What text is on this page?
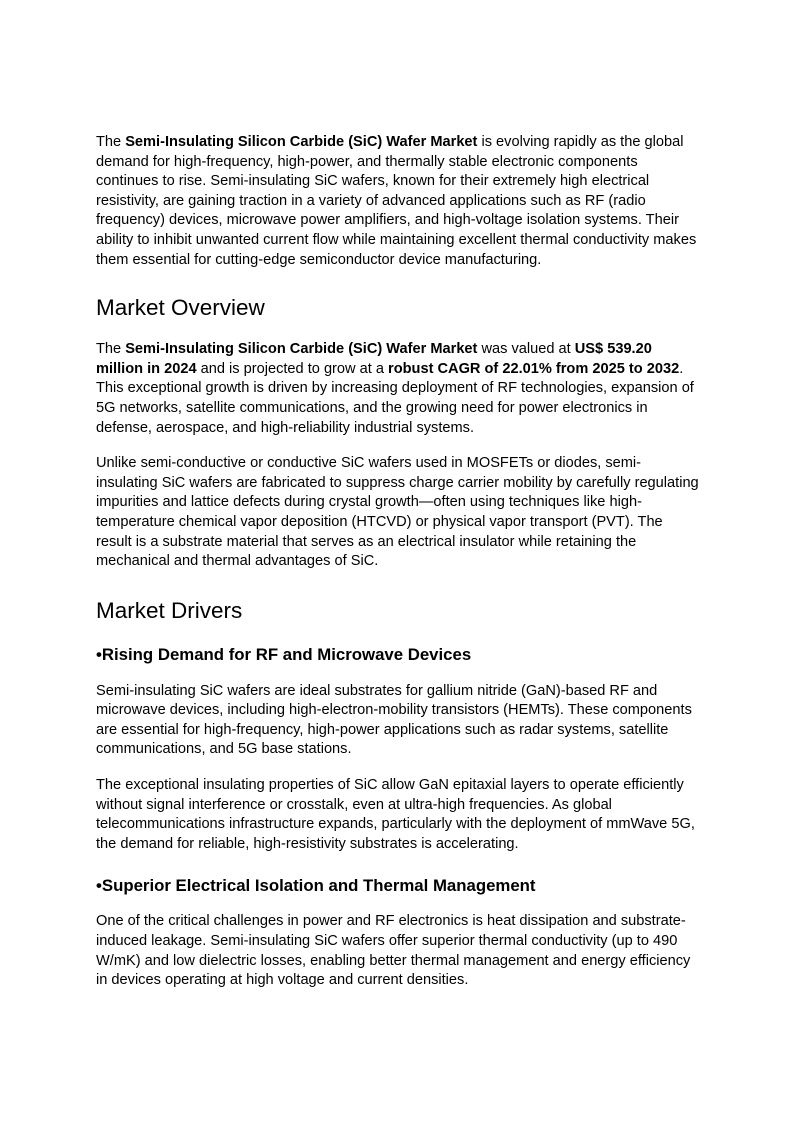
The Semi-Insulating Silicon Carbide (SiC) Wafer Market is evolving rapidly as the global demand for high-frequency, high-power, and thermally stable electronic components continues to rise. Semi-insulating SiC wafers, known for their extremely high electrical resistivity, are gaining traction in a variety of advanced applications such as RF (radio frequency) devices, microwave power amplifiers, and high-voltage isolation systems. Their ability to inhibit unwanted current flow while maintaining excellent thermal conductivity makes them essential for cutting-edge semiconductor device manufacturing.

Market Overview

The Semi-Insulating Silicon Carbide (SiC) Wafer Market was valued at US$ 539.20 million in 2024 and is projected to grow at a robust CAGR of 22.01% from 2025 to 2032. This exceptional growth is driven by increasing deployment of RF technologies, expansion of 5G networks, satellite communications, and the growing need for power electronics in defense, aerospace, and high-reliability industrial systems.

Unlike semi-conductive or conductive SiC wafers used in MOSFETs or diodes, semi-insulating SiC wafers are fabricated to suppress charge carrier mobility by carefully regulating impurities and lattice defects during crystal growth—often using techniques like high-temperature chemical vapor deposition (HTCVD) or physical vapor transport (PVT). The result is a substrate material that serves as an electrical insulator while retaining the mechanical and thermal advantages of SiC.

Market Drivers
•Rising Demand for RF and Microwave Devices

Semi-insulating SiC wafers are ideal substrates for gallium nitride (GaN)-based RF and microwave devices, including high-electron-mobility transistors (HEMTs). These components are essential for high-frequency, high-power applications such as radar systems, satellite communications, and 5G base stations.

The exceptional insulating properties of SiC allow GaN epitaxial layers to operate efficiently without signal interference or crosstalk, even at ultra-high frequencies. As global telecommunications infrastructure expands, particularly with the deployment of mmWave 5G, the demand for reliable, high-resistivity substrates is accelerating.

•Superior Electrical Isolation and Thermal Management

One of the critical challenges in power and RF electronics is heat dissipation and substrate-induced leakage. Semi-insulating SiC wafers offer superior thermal conductivity (up to 490 W/mK) and low dielectric losses, enabling better thermal management and energy efficiency in devices operating at high voltage and current densities.
